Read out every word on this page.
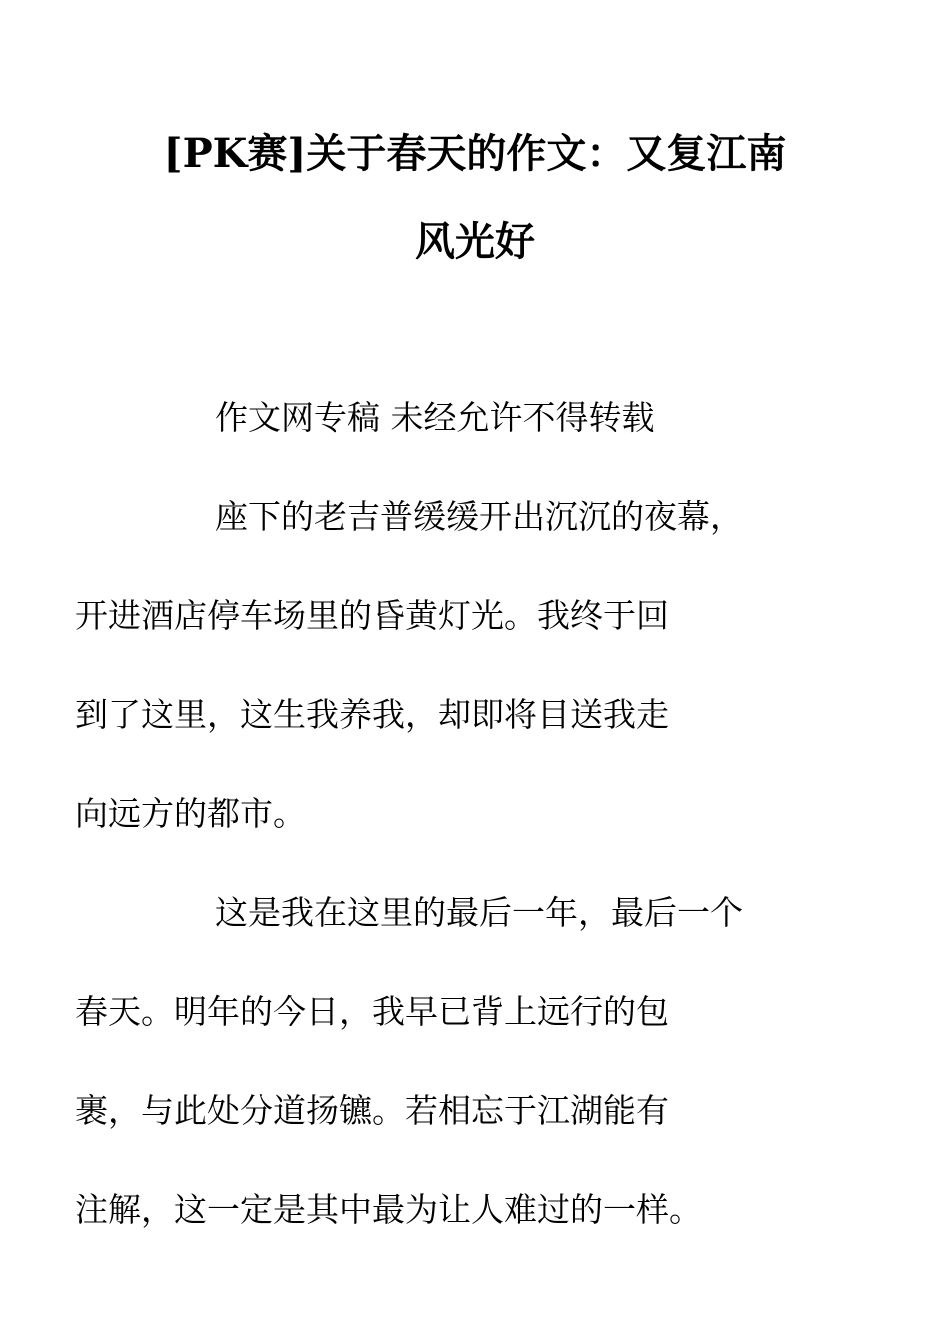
[PK赛]关于春天的作文：又复江南
风光好

作文网专稿 未经允许不得转载

座下的老吉普缓缓开出沉沉的夜幕，
开进酒店停车场里的昏黄灯光。我终于回
到了这里，这生我养我，却即将目送我走
向远方的都市。

这是我在这里的最后一年，最后一个
春天。明年的今日，我早已背上远行的包
裹，与此处分道扬镳。若相忘于江湖能有
注解，这一定是其中最为让人难过的一样。
